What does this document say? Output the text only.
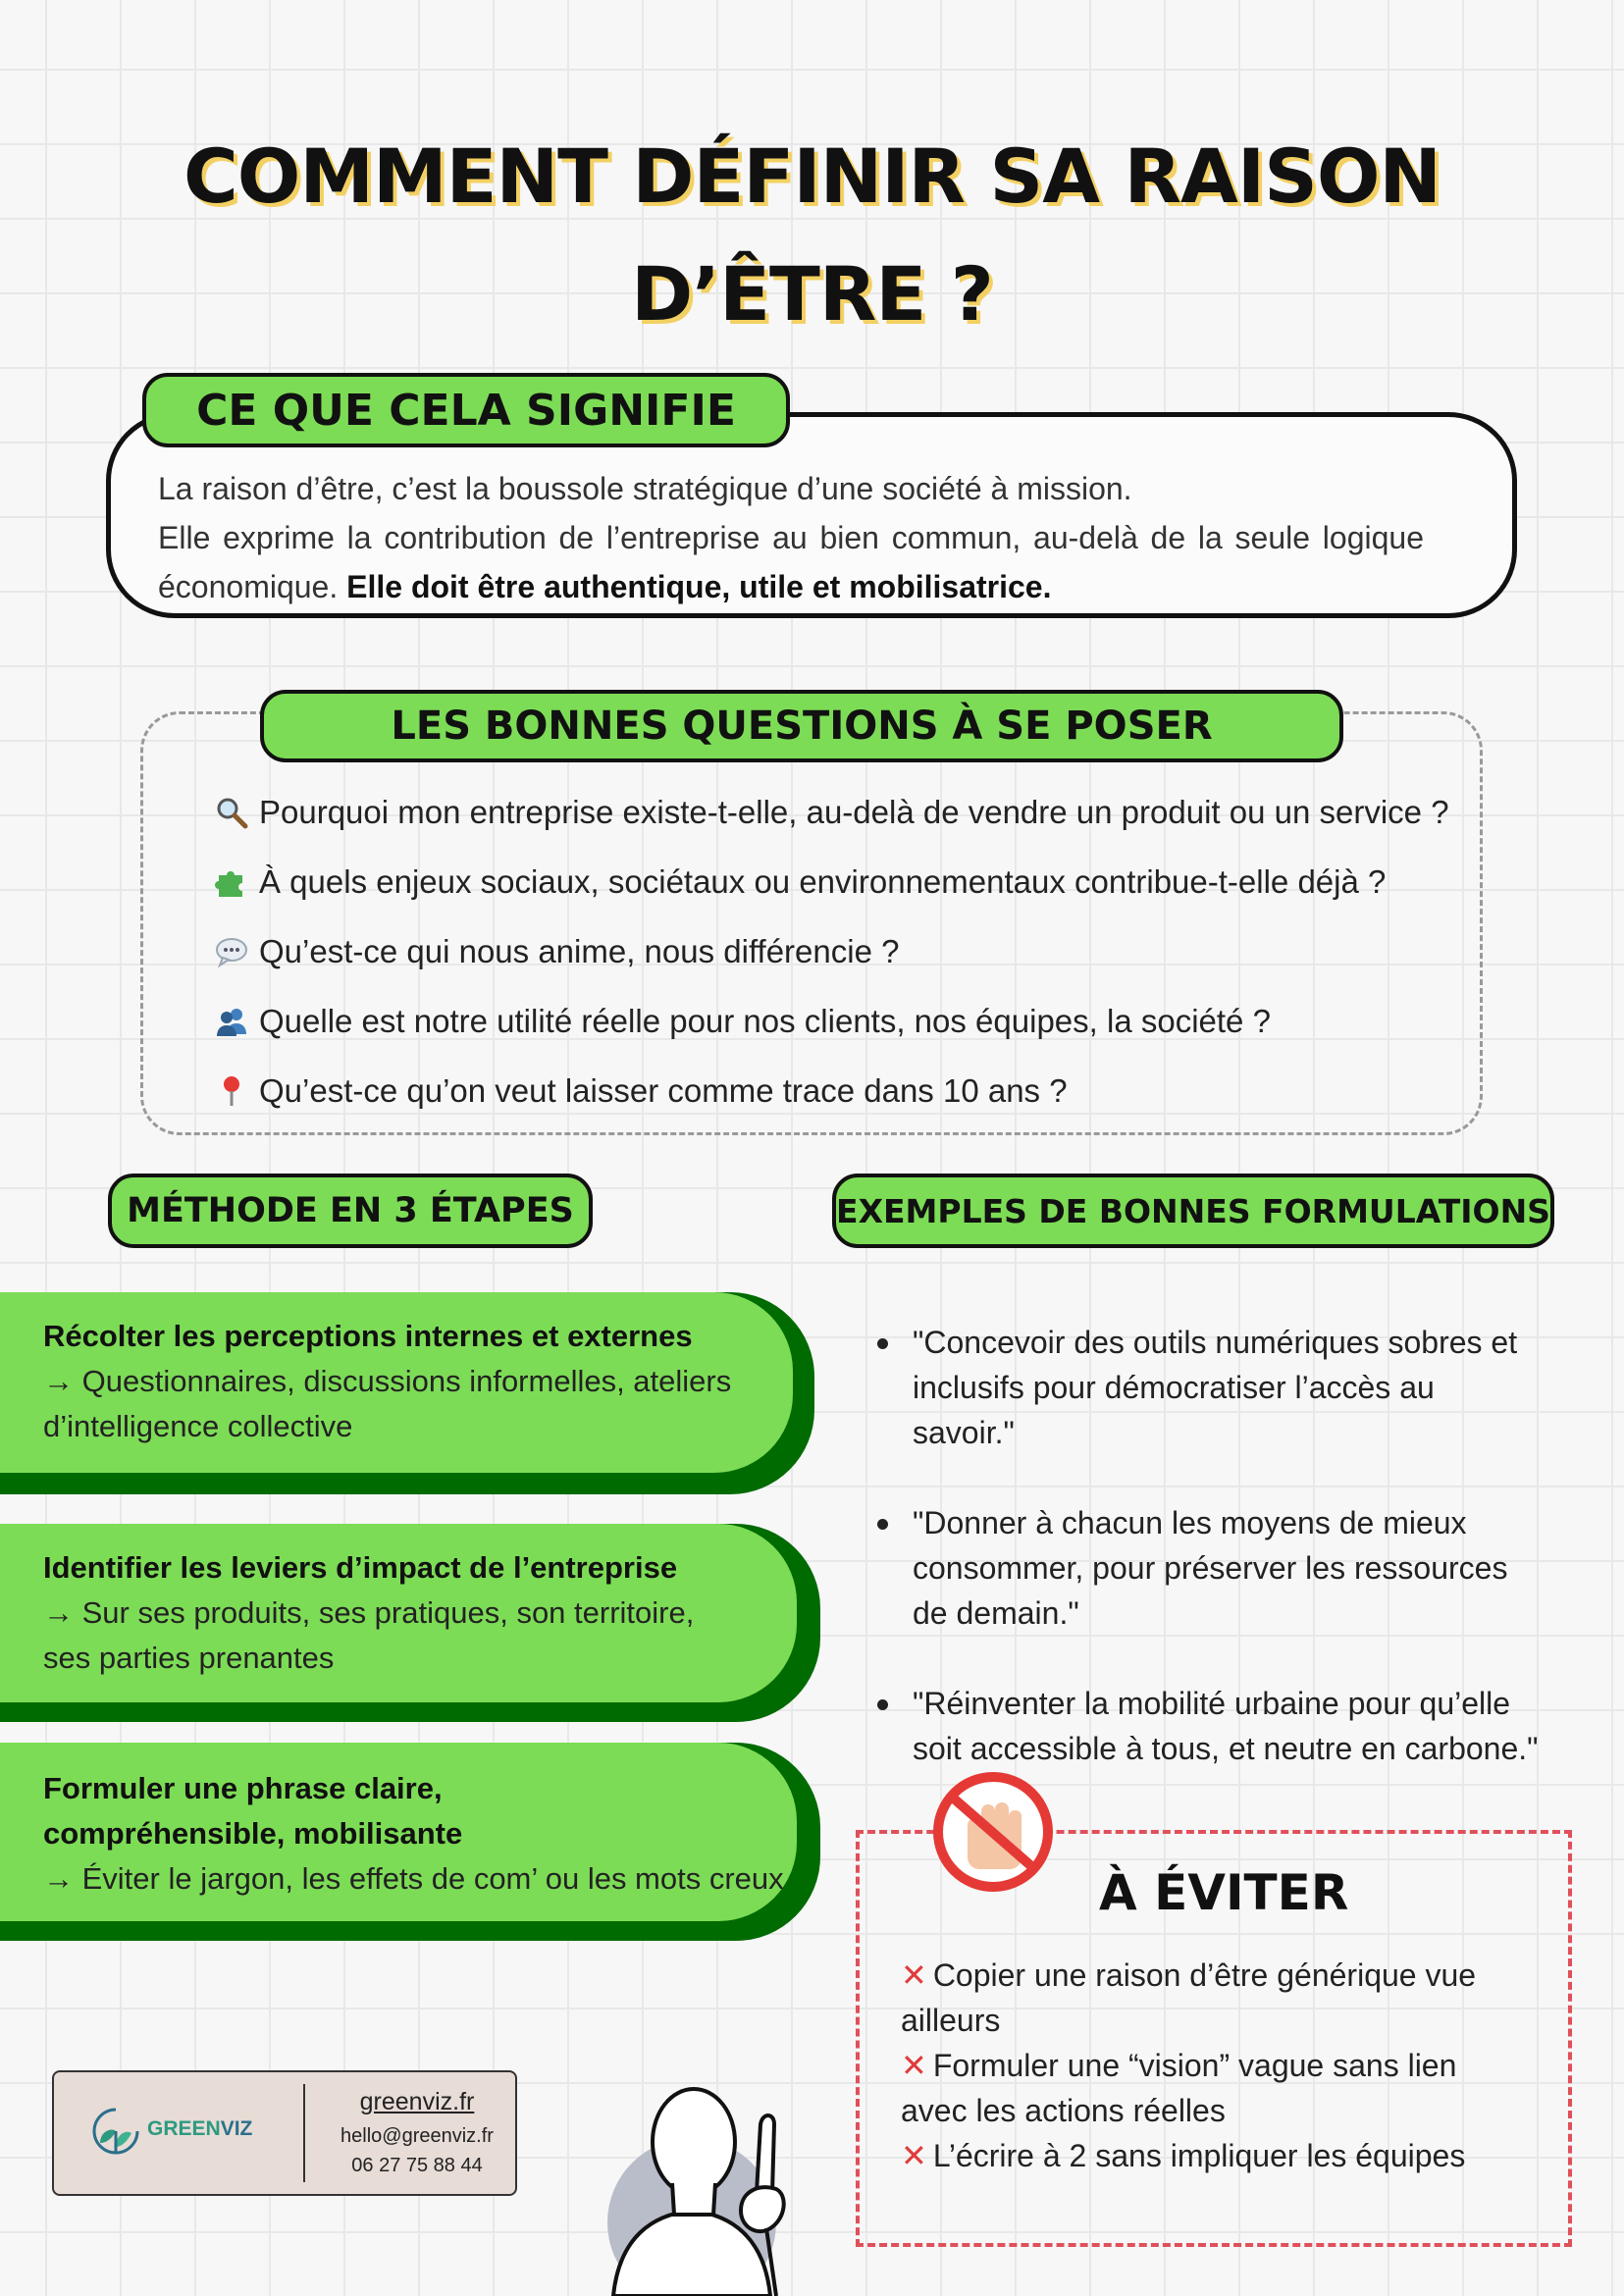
COMMENT DÉFINIR SA RAISON
D’ÊTRE ?

La raison d’être, c’est la boussole stratégique d’une société à mission.

Elle exprime la contribution de l’entreprise au bien commun, au-delà de la seule logique économique. Elle doit être authentique, utile et mobilisatrice.

CE QUE CELA SIGNIFIE
LES BONNES QUESTIONS À SE POSER
Pourquoi mon entreprise existe-t-elle, au-delà de vendre un produit ou un service ?
À quels enjeux sociaux, sociétaux ou environnementaux contribue-t-elle déjà ?
Qu’est-ce qui nous anime, nous différencie ?
Quelle est notre utilité réelle pour nos clients, nos équipes, la société ?
Qu’est-ce qu’on veut laisser comme trace dans 10 ans ?
MÉTHODE EN 3 ÉTAPES	EXEMPLES DE BONNES FORMULATIONS
Récolter les perceptions internes et externes
→ Questionnaires, discussions informelles, ateliers d’intelligence collective
Identifier les leviers d’impact de l’entreprise
→ Sur ses produits, ses pratiques, son territoire, ses parties prenantes
Formuler une phrase claire, compréhensible, mobilisante
→ Éviter le jargon, les effets de com’ ou les mots creux
"Concevoir des outils numériques sobres et inclusifs pour démocratiser l’accès au savoir."
"Donner à chacun les moyens de mieux consommer, pour préserver les ressources de demain."
"Réinventer la mobilité urbaine pour qu’elle soit accessible à tous, et neutre en carbone."
À ÉVITER
✕ Copier une raison d’être générique vue ailleurs
✕ Formuler une “vision” vague sans lien avec les actions réelles
✕ L’écrire à 2 sans impliquer les équipes
GREENVIZ
greenviz.fr
hello@greenviz.fr
06 27 75 88 44
